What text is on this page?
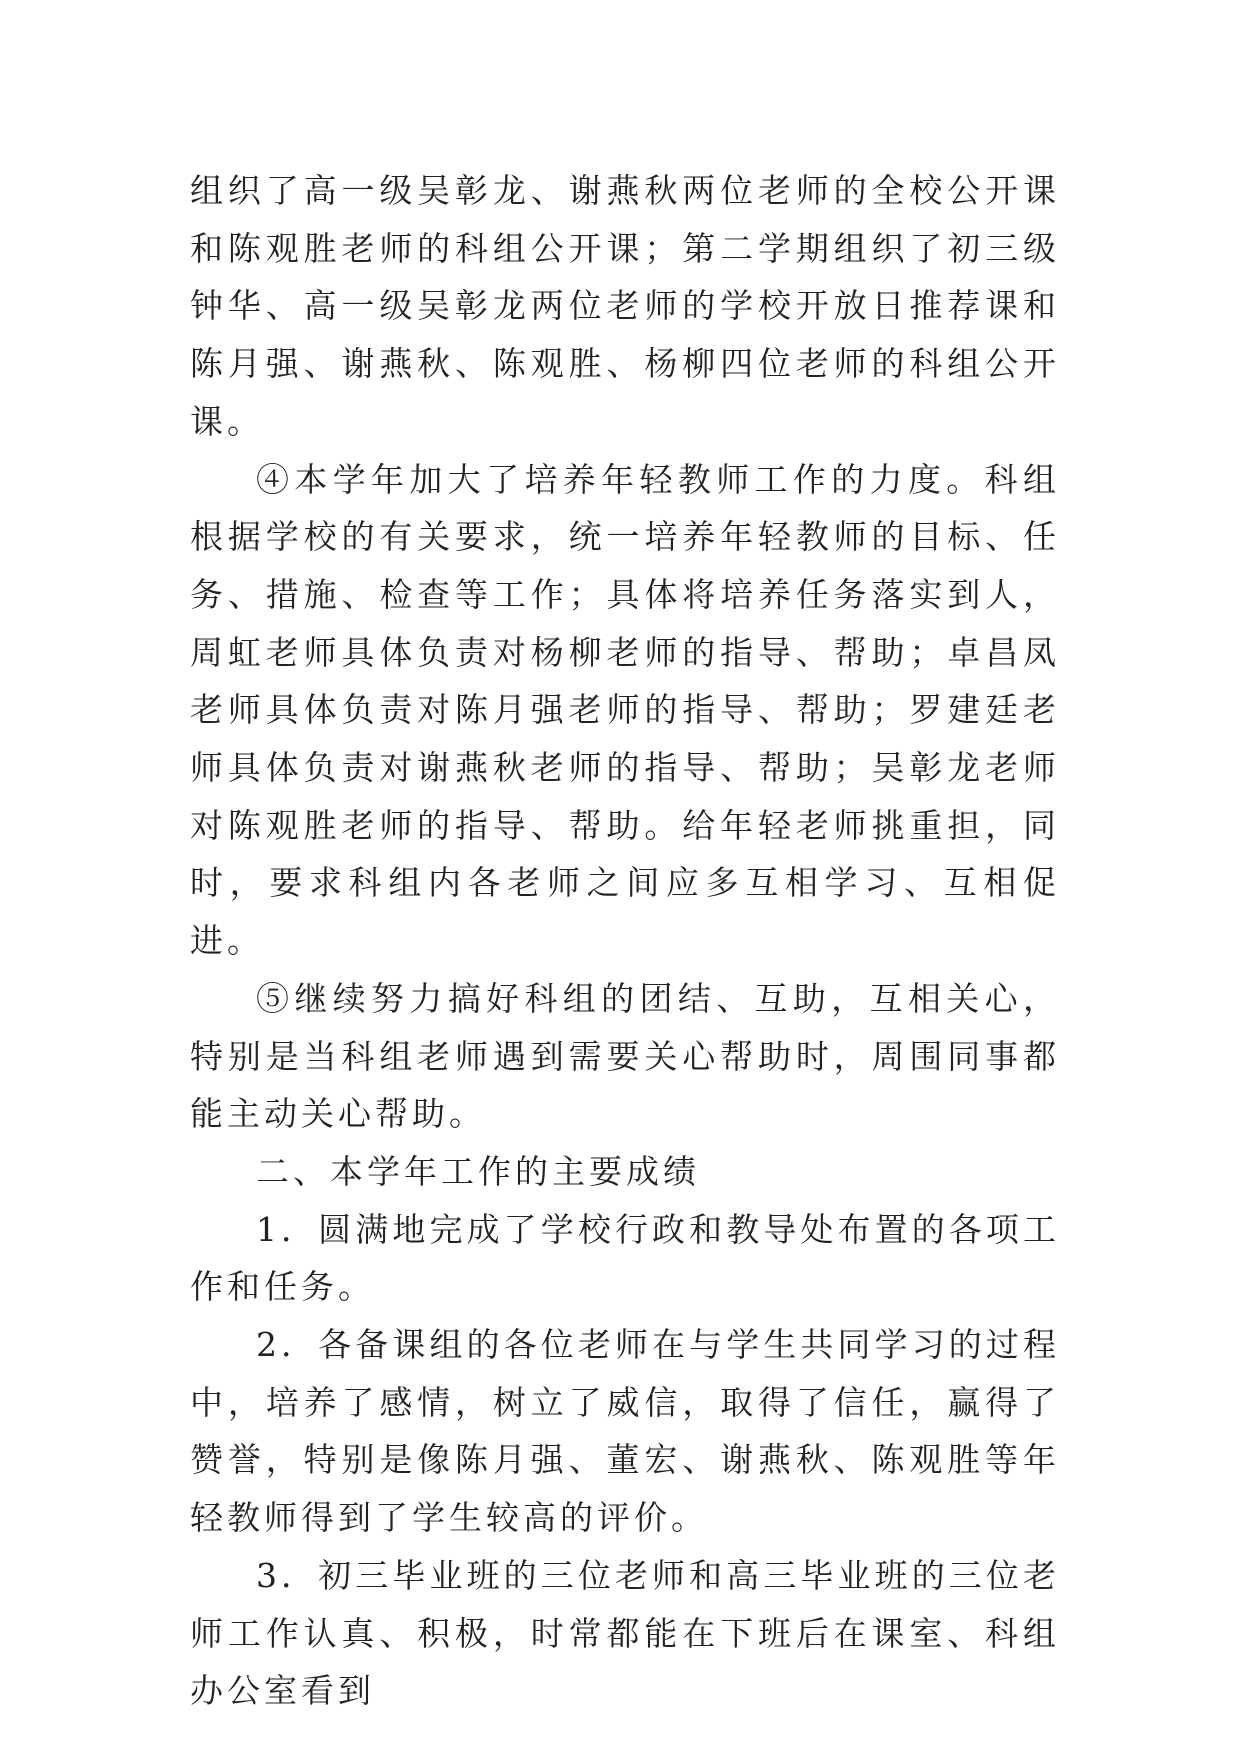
组织了高一级吴彰龙、谢燕秋两位老师的全校公开课和陈观胜老师的科组公开课；第二学期组织了初三级钟华、高一级吴彰龙两位老师的学校开放日推荐课和陈月强、谢燕秋、陈观胜、杨柳四位老师的科组公开课。

④本学年加大了培养年轻教师工作的力度。科组根据学校的有关要求，统一培养年轻教师的目标、任务、措施、检查等工作；具体将培养任务落实到人，周虹老师具体负责对杨柳老师的指导、帮助；卓昌凤老师具体负责对陈月强老师的指导、帮助；罗建廷老师具体负责对谢燕秋老师的指导、帮助；吴彰龙老师对陈观胜老师的指导、帮助。给年轻老师挑重担，同时，要求科组内各老师之间应多互相学习、互相促进。

⑤继续努力搞好科组的团结、互助，互相关心，特别是当科组老师遇到需要关心帮助时，周围同事都能主动关心帮助。

二、本学年工作的主要成绩

1．圆满地完成了学校行政和教导处布置的各项工作和任务。

2．各备课组的各位老师在与学生共同学习的过程中，培养了感情，树立了威信，取得了信任，赢得了赞誉，特别是像陈月强、董宏、谢燕秋、陈观胜等年轻教师得到了学生较高的评价。

3．初三毕业班的三位老师和高三毕业班的三位老师工作认真、积极，时常都能在下班后在课室、科组办公室看到
